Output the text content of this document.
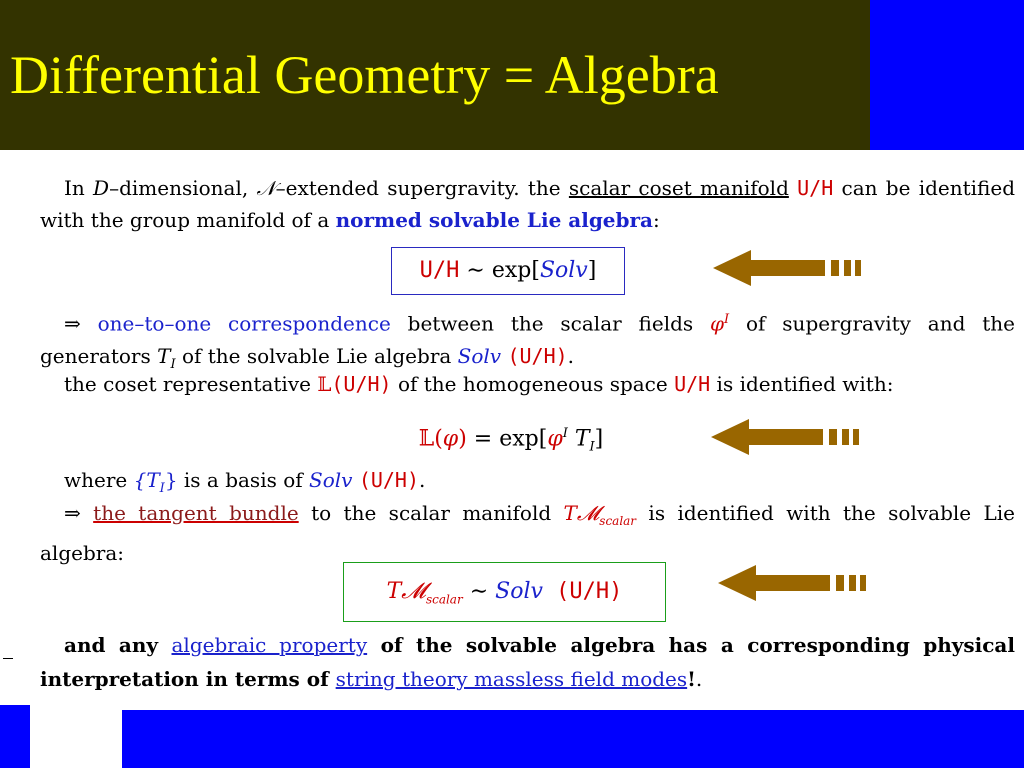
Differential Geometry = Algebra
In D–dimensional, 𝒩–extended supergravity. the scalar coset manifold U/H can be identified with the group manifold of a normed solvable Lie algebra:
U/H ∼ exp[Solv]
⇒ one–to–one correspondence between the scalar fields $\varphi^I$ of supergravity and the generators $T_I$ of the solvable Lie algebra Solv (U/H).
the coset representative 𝕃(U/H) of the homogeneous space U/H is identified with:
𝕃(φ) = $\exp[\varphi^I$ $T_I$]
where $\{T_I\}$ is a basis of Solv (U/H).
⇒ the tangent bundle to the scalar manifold T𝓜$_{scalar}$ is identified with the solvable Lie algebra:
T𝓜$_{scalar}$ ∼ Solv (U/H)
and any algebraic property of the solvable algebra has a corresponding physical interpretation in terms of string theory massless field modes!.
